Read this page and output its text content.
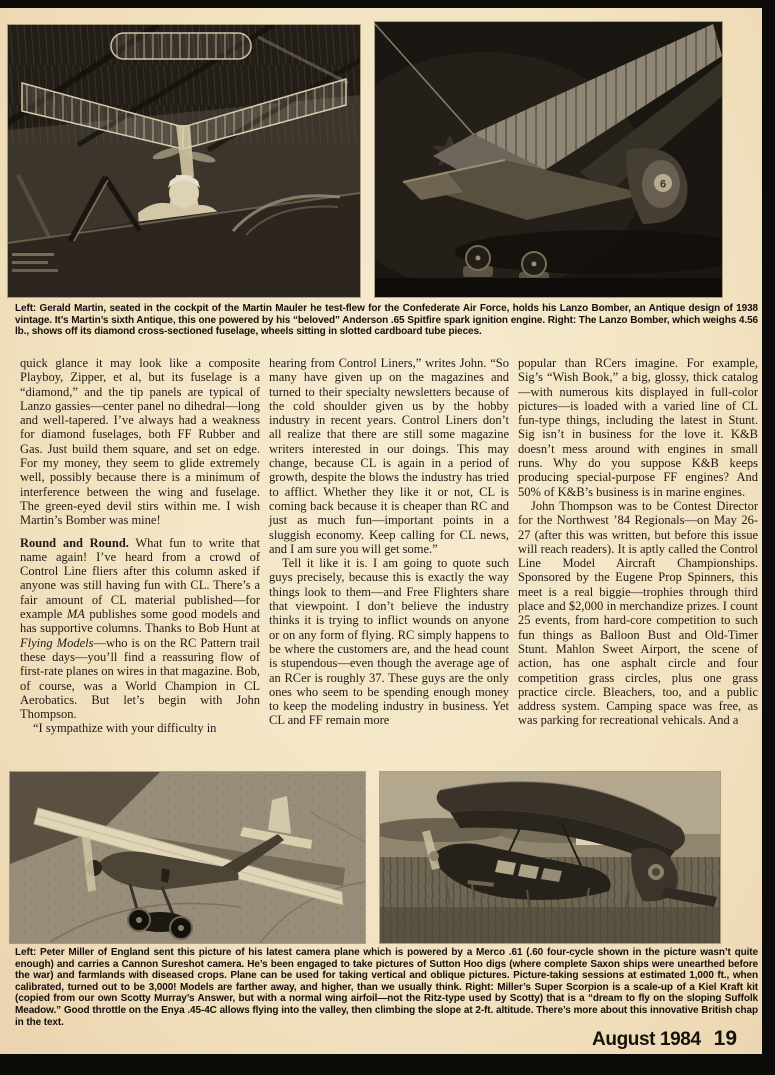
6

Left: Gerald Martin, seated in the cockpit of the Martin Mauler he test-flew for the Confederate Air Force, holds his Lanzo Bomber, an Antique design of 1938 vintage. It’s Martin’s sixth Antique, this one powered by his “beloved” Anderson .65 Spitfire spark ignition engine. Right: The Lanzo Bomber, which weighs 4.56 lb., shows off its diamond cross-sectioned fuselage, wheels sitting in slotted cardboard tube pieces.

quick glance it may look like a composite Playboy, Zipper, et al, but its fuselage is a “diamond,” and the tip panels are typical of Lanzo gassies—center panel no dihedral—long and well-tapered. I’ve always had a weakness for diamond fuselages, both FF Rubber and Gas. Just build them square, and set on edge. For my money, they seem to glide extremely well, possibly because there is a minimum of interference between the wing and fuselage. The green-eyed devil stirs within me. I wish Martin’s Bomber was mine!

Round and Round. What fun to write that name again! I’ve heard from a crowd of Control Line fliers after this column asked if anyone was still having fun with CL. There’s a fair amount of CL material published—for example MA publishes some good models and has supportive columns. Thanks to Bob Hunt at Flying Models—who is on the RC Pattern trail these days—you’ll find a reassuring flow of first-rate planes on wires in that magazine. Bob, of course, was a World Champion in CL Aerobatics. But let’s begin with John Thompson.

“I sympathize with your difficulty in

hearing from Control Liners,” writes John. “So many have given up on the magazines and turned to their specialty newsletters because of the cold shoulder given us by the hobby industry in recent years. Control Liners don’t all realize that there are still some magazine writers interested in our doings. This may change, because CL is again in a period of growth, despite the blows the industry has tried to afflict. Whether they like it or not, CL is coming back because it is cheaper than RC and just as much fun—important points in a sluggish economy. Keep calling for CL news, and I am sure you will get some.”

Tell it like it is. I am going to quote such guys precisely, because this is exactly the way things look to them—and Free Flighters share that viewpoint. I don’t believe the industry thinks it is trying to inflict wounds on anyone or on any form of flying. RC simply happens to be where the customers are, and the head count is stupendous—even though the average age of an RCer is roughly 37. These guys are the only ones who seem to be spending enough money to keep the modeling industry in business. Yet CL and FF remain more

popular than RCers imagine. For example, Sig’s “Wish Book,” a big, glossy, thick catalog—with numerous kits displayed in full-color pictures—is loaded with a varied line of CL fun-type things, including the latest in Stunt. Sig isn’t in business for the love it. K&B doesn’t mess around with engines in small runs. Why do you suppose K&B keeps producing special-purpose FF engines? And 50% of K&B’s business is in marine engines.

John Thompson was to be Contest Director for the Northwest ’84 Regionals—on May 26-27 (after this was written, but before this issue will reach readers). It is aptly called the Control Line Model Aircraft Championships. Sponsored by the Eugene Prop Spinners, this meet is a real biggie—trophies through third place and $2,000 in merchandize prizes. I count 25 events, from hard-core competition to such fun things as Balloon Bust and Old-Timer Stunt. Mahlon Sweet Airport, the scene of action, has one asphalt circle and four competition grass circles, plus one grass practice circle. Bleachers, too, and a public address system. Camping space was free, as was parking for recreational vehicals. And a

Left: Peter Miller of England sent this picture of his latest camera plane which is powered by a Merco .61 (.60 four-cycle shown in the picture wasn’t quite enough) and carries a Cannon Sureshot camera. He’s been engaged to take pictures of Sutton Hoo digs (where complete Saxon ships were unearthed before the war) and farmlands with diseased crops. Plane can be used for taking vertical and oblique pictures. Picture-taking sessions at estimated 1,000 ft., when calibrated, turned out to be 3,000! Models are farther away, and higher, than we usually think. Right: Miller’s Super Scorpion is a scale-up of a Kiel Kraft kit (copied from our own Scotty Murray’s Answer, but with a normal wing airfoil—not the Ritz-type used by Scotty) that is a “dream to fly on the sloping Suffolk Meadow.” Good throttle on the Enya .45-4C allows flying into the valley, then climbing the slope at 2-ft. altitude. There’s more about this innovative British chap in the text.

August 1984 19
